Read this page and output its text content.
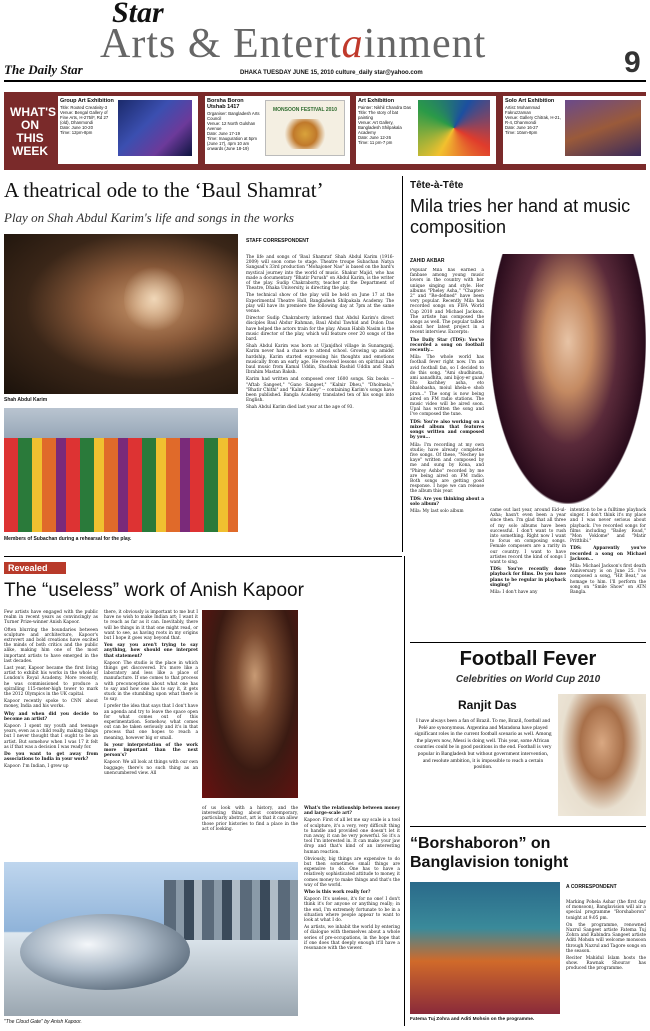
Star
Arts & Entertainment
The Daily Star	DHAKA TUESDAY JUNE 15, 2010 culture_daily star@yahoo.com	9
WHAT'S
ON THIS
WEEK
Group Art Exhibition
Title: Rooted Creativity-3
Venue: Bengal Gallery of Fine Arts, H-275/F, Rd 27 (old), Dhanmondi
Date: June 10-20
Time: 12pm-8pm
Borsha Boron Utshab 1417
Organiser: Bangladesh Arts Council
Venue: 12 North Gulshan Avenue
Date: June 17-19
Time: Inauguration at 5pm (June 17), 4pm 10 am onwards (June 18-19)
MONSOON FESTIVAL 2010
Art Exhibition
Painter: Nikhil Chandra Das
Title: The story of bat painting
Venue: Art Gallery, Bangladesh Shilpakala Academy
Date: June 12-26
Time: 11 pm-7 pm
Solo Art Exhibition
Artist: Mohammad Fakruzzaman
Venue: Gallery Chitrak, H-21, R-4, Dhanmondi
Date: June 16-27
Time: 10am-8pm
A theatrical ode to the ‘Baul Shamrat’
Play on Shah Abdul Karim's life and songs in the works
Shah Abdul Karim
Members of Subachan during a rehearsal for the play.
STAFF CORRESPONDENT

The life and songs of 'Baul Shamrat' Shah Abdul Karim (1916-2009) will soon come to stage. Theatre troupe Subachan Natya Sangsad's 33rd production "Mohajoner Nao" is based on the bard's mystical journey into the world of music. Shakur Majid, who has made a documentary "Bhatir Purush" on Abdul Karim, is the writer of the play. Sudip Chakraborty, teacher at the Department of Theatre, Dhaka University, is directing the play.

The technical show of the play will be held on June 17 at the Experimental Theatre Hall, Bangladesh Shilpakala Academy. The play will have its premiere the following day at 7pm at the same venue.

Director Sudip Chakraborty informed that Abdul Karim's direct disciples Baul Abdur Rahman, Baul Abdul Tawhid and Dulon Das have helped the actors train for the play. Ahsan Habib Nasim is the music director of the play, which will feature over 20 songs of the bard.

Shah Abdul Karim was born at Ujanjdhol village in Sunamganj. Karim never had a chance to attend school. Growing up amidst hardship, Karim started expressing his thoughts and emotions musically from an early age. He received lessons on spiritual and baul music from Kamal Uddin, Shadhak Rashid Uddin and Shah Ibrahim Mastan Baksh.

Karim had written and composed over 1600 songs. Six books -- "Aftab Sangeet," "Gano Sangeet," "Kalnir Dheu," "Dholmela," "Bhatir Chithi" and "Kalnir Kuley" -- containing Karim's songs have been published. Bangla Academy translated ten of his songs into English.

Shah Abdul Karim died last year at the age of 93.

Tête-à-Tête
Mila tries her hand at music composition
ZAHID AKBAR

Popular Mila has earned a fanbase among young music lovers in the country with her unique singing and style. Her albums "Pheley Asha," "Chapter-2" and "Re-defined" have been very popular. Recently Mila has recorded songs on FIFA World Cup 2010 and Michael Jackson. The artiste has composed the songs as well. The popular talked about her latest project in a recent interview. Excerpts:

The Daily Star (TDS): You've recorded a song on football recently...

Mila: The whole world has football fever right now. I'm an avid football fan, so I decided to do this song. "Ami shudhinota, ami aanadhita, ami bijoy-er gaan/ Eto kachhey asha, eto bhalobasha, moiul khela-e shob pran..." The song is now being aired on FM radio stations. The music video will be aired soon. Upal has written the song and I've composed the tune.

TDS: You're also working on a mixed album that features songs written and composed by you...

Mila: I'm recording at my own studio; have already completed five songs. Of these, "Nechey ke kaye" written and composed by me and sung by Kona, and "Phirey Ashbo" recorded by me are being aired on FM radio. Both songs are getting good response. I hope we can release the album this year.

TDS: Are you thinking about a solo album?

Mila: My last solo album	came out last year, around Eid-ul-Azha; hasn't even been a year since then. I'm glad that all three of my solo albums have been successful. I don't want to rush into something. Right now I want to focus on composing songs. Female composers are a rarity in our country. I want to have artistes record the kind of songs I want to sing.

TDS: You've recently done playback for films. Do you have plans to be regular in playback singing?

Mila: I don't have any

intention to be a fulltime playback singer. I don't think it's my place and I was never serious about playback. I've recorded songs for films including "Bailey Road," "Mon Voklome" and "Matir Pritthibi."

TDS: Apparently you've recorded a song on Michael Jackson...

Mila: Michael Jackson's first death Anniversary is on June 25. I've composed a song, "Hit Beat," as homage to him. I'll perform the song on "Smile Show" on ATN Bangla.

Revealed
The “useless” work of Anish Kapoor

Few artists have engaged with the public realm in recent years as convincingly as Turner Prize-winner Anish Kapoor.

Often blurring the boundaries between sculpture and architecture, Kapoor's extrovert and bold creations have excited the minds of both critics and the public alike, making him one of the most important artists to have emerged in the last decades.

Last year, Kapoor became the first living artist to exhibit his works in the whole of London's Royal Academy. More recently, he was commissioned to produce a spiralling 115-meter-high tower to mark the 2012 Olympics in the UK capital.

Kapoor recently spoke to CNN about money, India and his works.

Why and when did you decide to become an artist?

Kapoor: I spent my youth and teenage years, even as a child really, making things but I never thought that I ought to be an artist. But somehow when I was 17 it felt as if that was a decision I was ready for.

Do you want to get away from associations to India in your work?

Kapoor: I'm Indian, I grew up

there, it obviously is important to me but I have no wish to make Indian art; I want it to reach as far as it can. Inevitably, there will be things in it that one might read, or want to see, as having roots in my origins but I hope it goes way beyond that.

You say you aren't trying to say anything, how should one interpret that statement?

Kapoor: The studio is the place in which things get discovered. It's more like a laboratory and less like a place of manufacture. If one comes to that process with preconceptions about what one has to say and how one has to say it, it gets stuck in the stumbling upon what there is to say.

I prefer the idea that says that I don't have an agenda and try to leave the space open for what comes out of this experimentation. Somehow, what comes out can be taken seriously and it's in that process that one hopes to reach a meaning, however big or small.

Is your interpretation of the work more important than the next person's?

Kapoor: We all look at things with our own baggage; there's no such thing as an unencumbered view. All

of us look with a history, and the interesting thing about contemporary, particularly abstract, art is that it can allow those prior histories to find a place in the act of looking.

What's the relationship between money and large-scale art?

Kapoor: First of all let me say scale is a tool of sculpture, it's a very, very difficult thing to handle and provided one doesn't let it run away, it can be very powerful. So it's a tool I'm interested in. It can make your jaw drop and that's kind of an interesting human reaction.

Obviously, big things are expensive to do but then sometimes small things are expensive to do. One has to have a relatively sophisticated attitude to money, it comes money to make things and that's the way of the world.

Who is this work really for?

Kapoor: It's useless, it's for no one! I don't think it's for anyone or anything really; in the end, I'm extremely fortunate to be in a situation where people appear to want to look at what I do.

As artists, we inhabit the world by entering of dialogue with themselves about a whole series of pre-occupations, in the hope that if one does that deeply enough it'll have a resonance with the viewer.

"The Cloud Gate" by Anish Kapoor.
Football Fever
Celebrities on World Cup 2010
Ranjit Das
I have always been a fan of Brazil. To me, Brazil, football and Pelé are synonymous. Argentina and Maradona have played significant roles in the current football scenario as well. Among the players now, Messi is doing well. This year, some African countries could be in good positions in the end. Football is very popular in Bangladesh but without government intervention, and resolute ambition, it is impossible to reach a certain position.
“Borshaboron” on Banglavision tonight
Fatema Tuj Zohra and Aditi Mohsin on the programme.
A CORRESPONDENT

Marking Pohela Ashar (the first day of monsoon), Banglavision will air a special programme "Borshaboron" tonight at 9:05 pm.

On the programme, renowned Nazrul Sangeet artiste Fatema Tuj Zohra and Rabindra Sangeet artiste Aditi Mohsin will welcome monsoon through Nazrul and Tagore songs on the season.

Reciter Mahidul Islam hosts the show. Rawnak Shourav has produced the programme.
